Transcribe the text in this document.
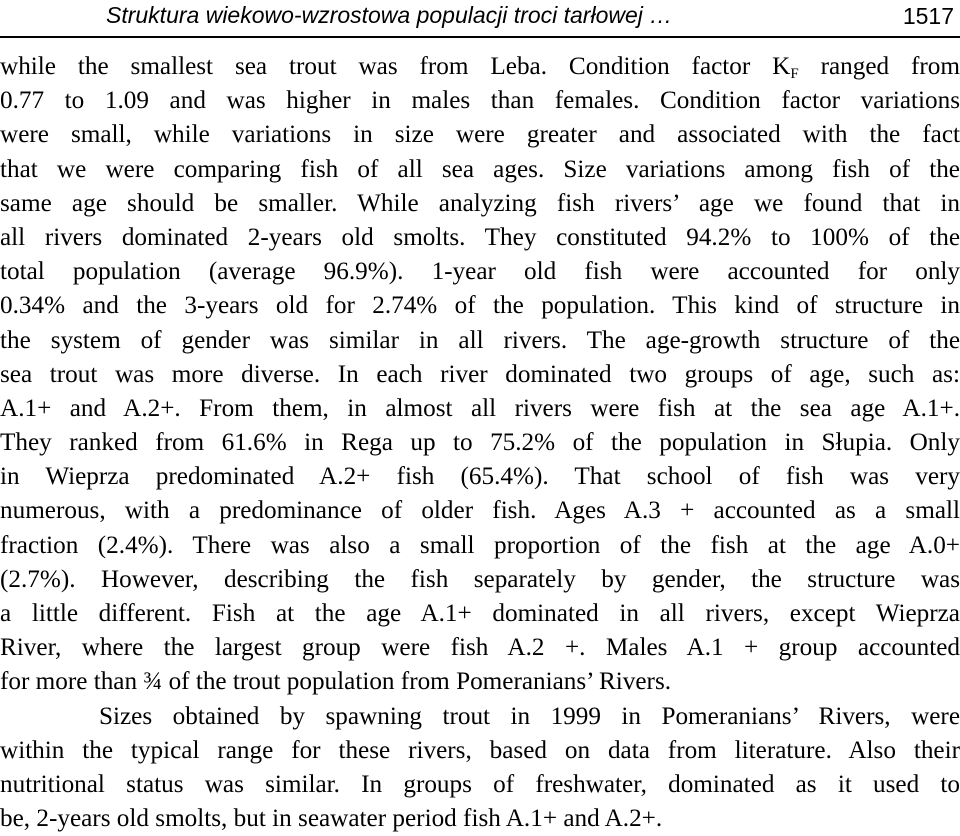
Struktura wiekowo-wzrostowa populacji troci tarłowej …	1517
while the smallest sea trout was from Leba. Condition factor $K_F$ ranged from
0.77 to 1.09 and was higher in males than females. Condition factor variations
were small, while variations in size were greater and associated with the fact
that we were comparing fish of all sea ages. Size variations among fish of the
same age should be smaller. While analyzing fish rivers’ age we found that in
all rivers dominated 2-years old smolts. They constituted 94.2% to 100% of the
total population (average 96.9%). 1-year old fish were accounted for only
0.34% and the 3-years old for 2.74% of the population. This kind of structure in
the system of gender was similar in all rivers. The age-growth structure of the
sea trout was more diverse. In each river dominated two groups of age, such as:
A.1+ and A.2+. From them, in almost all rivers were fish at the sea age A.1+.
They ranked from 61.6% in Rega up to 75.2% of the population in Słupia. Only
in Wieprza predominated A.2+ fish (65.4%). That school of fish was very
numerous, with a predominance of older fish. Ages A.3 + accounted as a small
fraction (2.4%). There was also a small proportion of the fish at the age A.0+
(2.7%). However, describing the fish separately by gender, the structure was
a little different. Fish at the age A.1+ dominated in all rivers, except Wieprza
River, where the largest group were fish A.2 +. Males A.1 + group accounted
for more than ¾ of the trout population from Pomeranians’ Rivers.
Sizes obtained by spawning trout in 1999 in Pomeranians’ Rivers, were
within the typical range for these rivers, based on data from literature. Also their
nutritional status was similar. In groups of freshwater, dominated as it used to
be, 2-years old smolts, but in seawater period fish A.1+ and A.2+.
